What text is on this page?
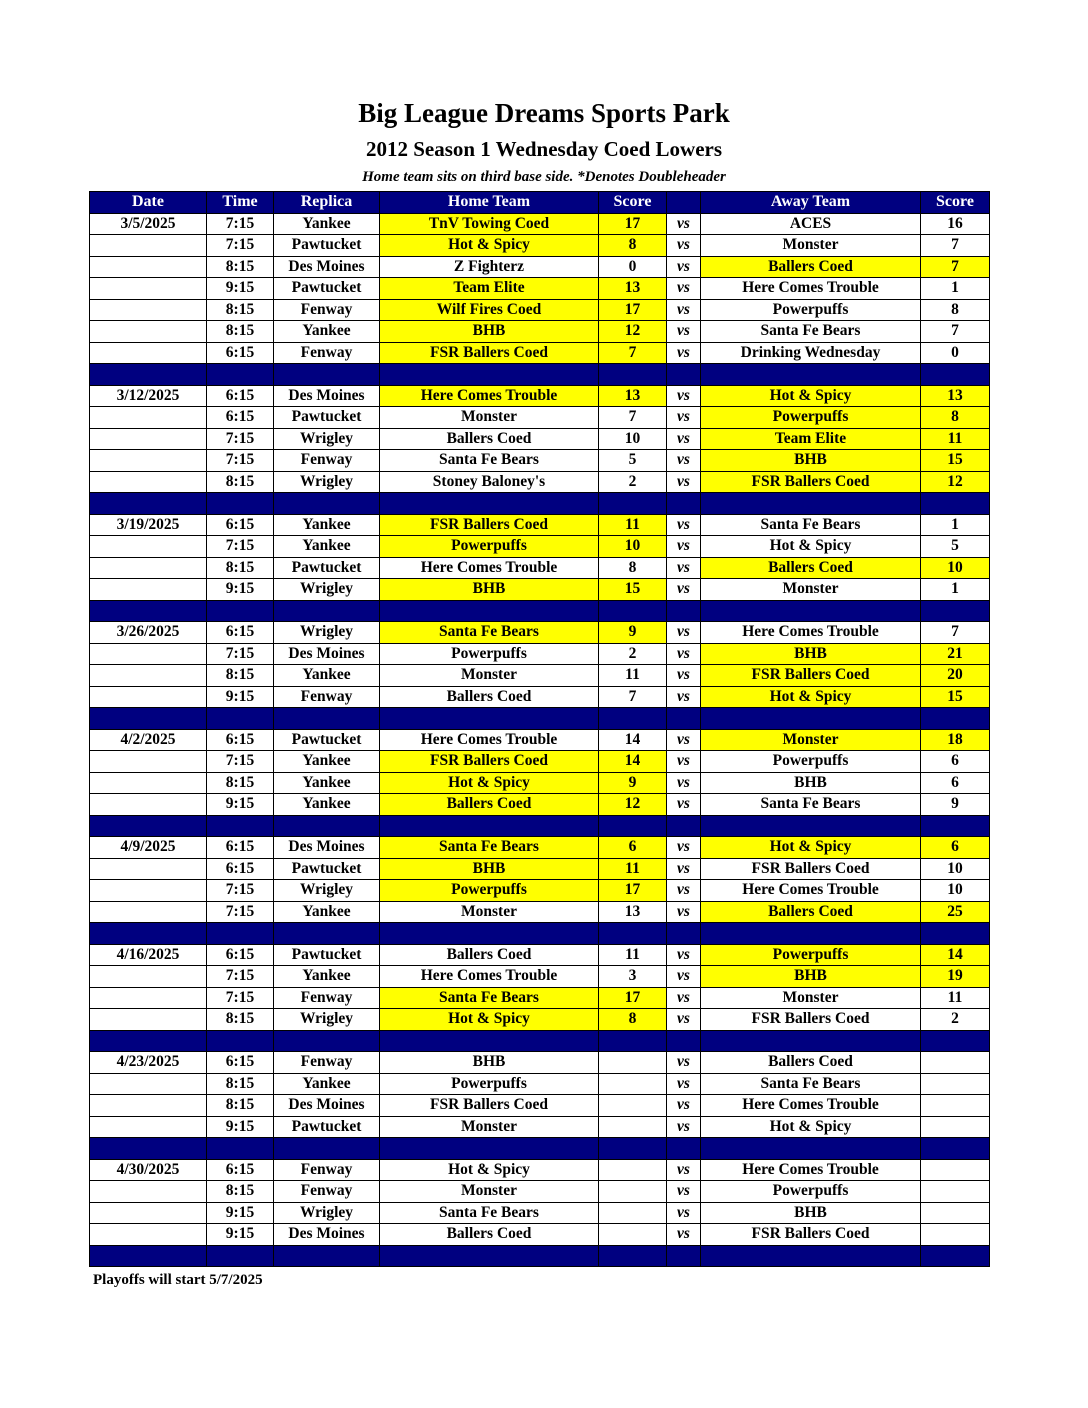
Big League Dreams Sports Park
2012 Season 1 Wednesday Coed Lowers
Home team sits on third base side. *Denotes Doubleheader
Date	Time	Replica	Home Team	Score		Away Team	Score
3/5/2025	7:15	Yankee	TnV Towing Coed	17	vs	ACES	16
	7:15	Pawtucket	Hot & Spicy	8	vs	Monster	7
	8:15	Des Moines	Z Fighterz	0	vs	Ballers Coed	7
	9:15	Pawtucket	Team Elite	13	vs	Here Comes Trouble	1
	8:15	Fenway	Wilf Fires Coed	17	vs	Powerpuffs	8
	8:15	Yankee	BHB	12	vs	Santa Fe Bears	7
	6:15	Fenway	FSR Ballers Coed	7	vs	Drinking Wednesday	0

3/12/2025	6:15	Des Moines	Here Comes Trouble	13	vs	Hot & Spicy	13
	6:15	Pawtucket	Monster	7	vs	Powerpuffs	8
	7:15	Wrigley	Ballers Coed	10	vs	Team Elite	11
	7:15	Fenway	Santa Fe Bears	5	vs	BHB	15
	8:15	Wrigley	Stoney Baloney's	2	vs	FSR Ballers Coed	12

3/19/2025	6:15	Yankee	FSR Ballers Coed	11	vs	Santa Fe Bears	1
	7:15	Yankee	Powerpuffs	10	vs	Hot & Spicy	5
	8:15	Pawtucket	Here Comes Trouble	8	vs	Ballers Coed	10
	9:15	Wrigley	BHB	15	vs	Monster	1

3/26/2025	6:15	Wrigley	Santa Fe Bears	9	vs	Here Comes Trouble	7
	7:15	Des Moines	Powerpuffs	2	vs	BHB	21
	8:15	Yankee	Monster	11	vs	FSR Ballers Coed	20
	9:15	Fenway	Ballers Coed	7	vs	Hot & Spicy	15

4/2/2025	6:15	Pawtucket	Here Comes Trouble	14	vs	Monster	18
	7:15	Yankee	FSR Ballers Coed	14	vs	Powerpuffs	6
	8:15	Yankee	Hot & Spicy	9	vs	BHB	6
	9:15	Yankee	Ballers Coed	12	vs	Santa Fe Bears	9

4/9/2025	6:15	Des Moines	Santa Fe Bears	6	vs	Hot & Spicy	6
	6:15	Pawtucket	BHB	11	vs	FSR Ballers Coed	10
	7:15	Wrigley	Powerpuffs	17	vs	Here Comes Trouble	10
	7:15	Yankee	Monster	13	vs	Ballers Coed	25

4/16/2025	6:15	Pawtucket	Ballers Coed	11	vs	Powerpuffs	14
	7:15	Yankee	Here Comes Trouble	3	vs	BHB	19
	7:15	Fenway	Santa Fe Bears	17	vs	Monster	11
	8:15	Wrigley	Hot & Spicy	8	vs	FSR Ballers Coed	2

4/23/2025	6:15	Fenway	BHB		vs	Ballers Coed	
	8:15	Yankee	Powerpuffs		vs	Santa Fe Bears	
	8:15	Des Moines	FSR Ballers Coed		vs	Here Comes Trouble	
	9:15	Pawtucket	Monster		vs	Hot & Spicy	

4/30/2025	6:15	Fenway	Hot & Spicy		vs	Here Comes Trouble	
	8:15	Fenway	Monster		vs	Powerpuffs	
	9:15	Wrigley	Santa Fe Bears		vs	BHB	
	9:15	Des Moines	Ballers Coed		vs	FSR Ballers Coed	

Playoffs will start 5/7/2025
